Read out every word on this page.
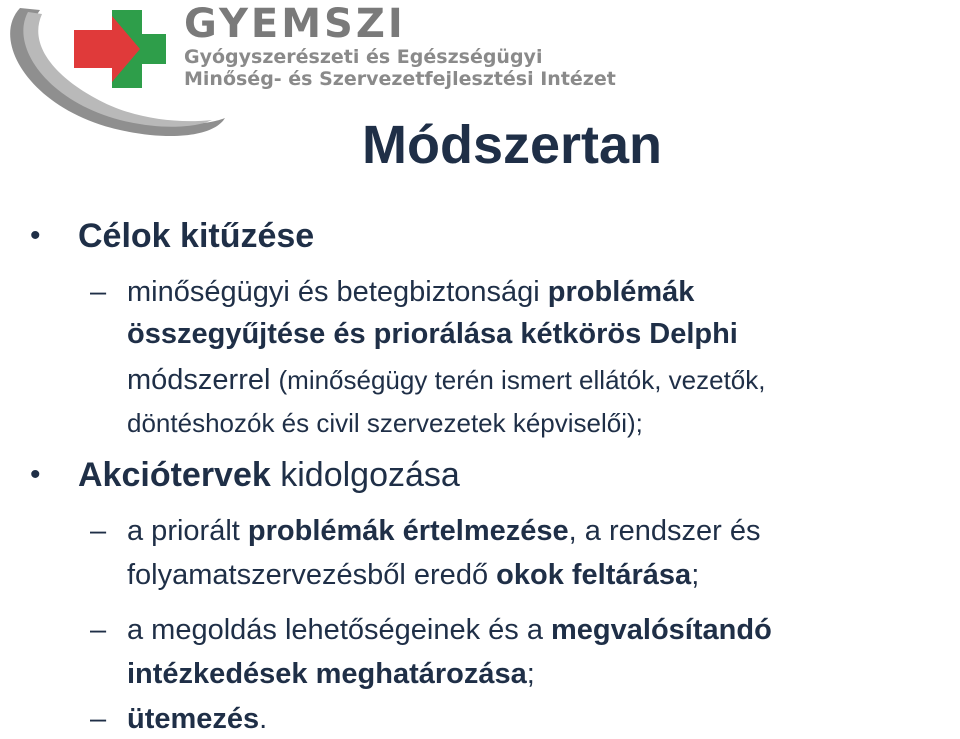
GYEMSZI
Gyógyszerészeti és Egészségügyi
Minőség- és Szervezetfejlesztési Intézet
Módszertan
•	Célok kitűzése
– minőségügyi és betegbiztonsági problémák
összegyűjtése és priorálása kétkörös Delphi
módszerrel (minőségügy terén ismert ellátók, vezetők,
döntéshozók és civil szervezetek képviselői);
•	Akciótervek kidolgozása
– a priorált problémák értelmezése, a rendszer és
folyamatszervezésből eredő okok feltárása;
– a megoldás lehetőségeinek és a megvalósítandó
intézkedések meghatározása;
– ütemezés.
